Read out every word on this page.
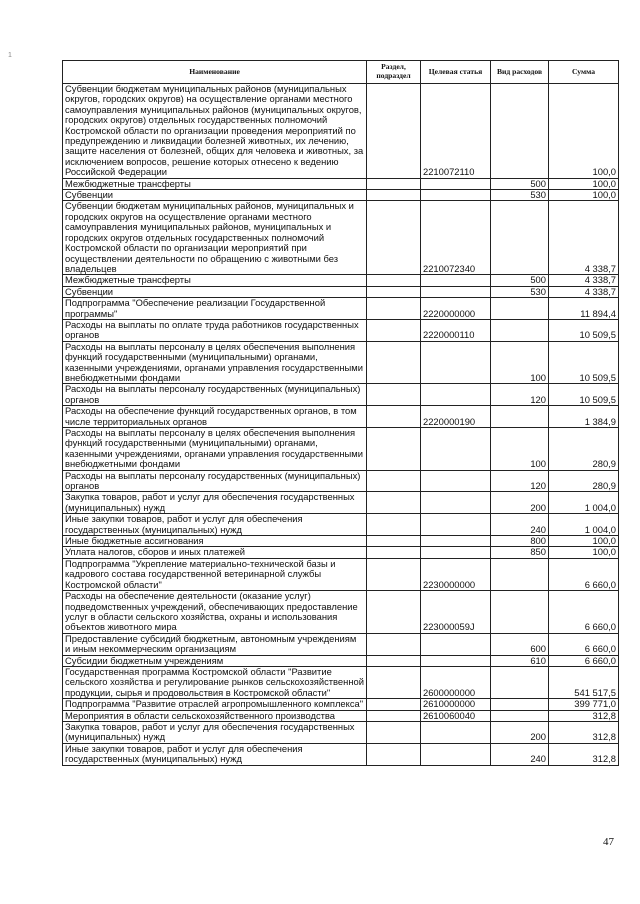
1
Наименование	Раздел, подраздел	Целевая статья	Вид расходов	Сумма
Субвенции бюджетам муниципальных районов (муниципальных округов, городских округов) на осуществление органами местного самоуправления муниципальных районов (муниципальных округов, городских округов) отдельных государственных полномочий Костромской области по организации проведения мероприятий по предупреждению и ликвидации болезней животных, их лечению, защите населения от болезней, общих для человека и животных, за исключением вопросов, решение которых отнесено к ведению Российской Федерации		2210072110		100,0
Межбюджетные трансферты			500	100,0
Субвенции			530	100,0
Субвенции бюджетам муниципальных районов, муниципальных и городских округов на осуществление органами местного самоуправления муниципальных районов, муниципальных и городских округов отдельных государственных полномочий Костромской области по организации мероприятий при осуществлении деятельности по обращению с животными без владельцев		2210072340		4 338,7
Межбюджетные трансферты			500	4 338,7
Субвенции			530	4 338,7
Подпрограмма "Обеспечение реализации Государственной программы"		2220000000		11 894,4
Расходы на выплаты по оплате труда работников государственных органов		2220000110		10 509,5
Расходы на выплаты персоналу в целях обеспечения выполнения функций государственными (муниципальными) органами, казенными учреждениями, органами управления государственными внебюджетными фондами			100	10 509,5
Расходы на выплаты персоналу государственных (муниципальных) органов			120	10 509,5
Расходы на обеспечение функций государственных органов, в том числе территориальных органов		2220000190		1 384,9
Расходы на выплаты персоналу в целях обеспечения выполнения функций государственными (муниципальными) органами, казенными учреждениями, органами управления государственными внебюджетными фондами			100	280,9
Расходы на выплаты персоналу государственных (муниципальных) органов			120	280,9
Закупка товаров, работ и услуг для обеспечения государственных (муниципальных) нужд			200	1 004,0
Иные закупки товаров, работ и услуг для обеспечения государственных (муниципальных) нужд			240	1 004,0
Иные бюджетные ассигнования			800	100,0
Уплата налогов, сборов и иных платежей			850	100,0
Подпрограмма "Укрепление материально-технической базы и кадрового состава государственной ветеринарной службы Костромской области"		2230000000		6 660,0
Расходы на обеспечение деятельности (оказание услуг) подведомственных учреждений, обеспечивающих предоставление услуг в области сельского хозяйства, охраны и использования объектов животного мира		223000059J		6 660,0
Предоставление субсидий бюджетным, автономным учреждениям и иным некоммерческим организациям			600	6 660,0
Субсидии бюджетным учреждениям			610	6 660,0
Государственная программа Костромской области "Развитие сельского хозяйства и регулирование рынков сельскохозяйственной продукции, сырья и продовольствия в Костромской области"		2600000000		541 517,5
Подпрограмма "Развитие отраслей агропромышленного комплекса"		2610000000		399 771,0
Мероприятия в области сельскохозяйственного производства		2610060040		312,8
Закупка товаров, работ и услуг для обеспечения государственных (муниципальных) нужд			200	312,8
Иные закупки товаров, работ и услуг для обеспечения государственных (муниципальных) нужд			240	312,8
47
